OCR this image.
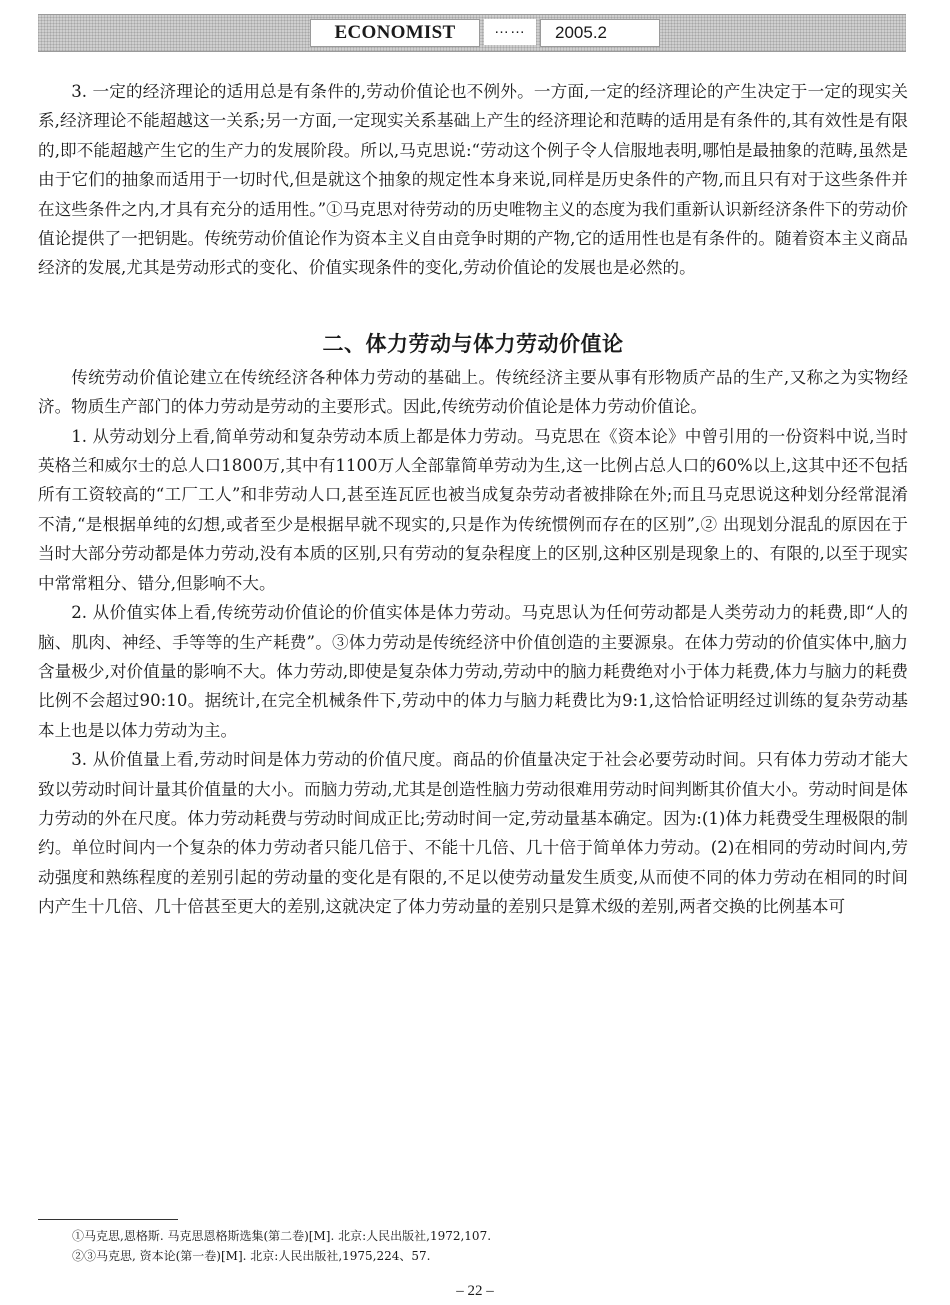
ECONOMIST	……	2005.2

3. 一定的经济理论的适用总是有条件的,劳动价值论也不例外。一方面,一定的经济理论的产生决定于一定的现实关系,经济理论不能超越这一关系;另一方面,一定现实关系基础上产生的经济理论和范畴的适用是有条件的,其有效性是有限的,即不能超越产生它的生产力的发展阶段。所以,马克思说:“劳动这个例子令人信服地表明,哪怕是最抽象的范畴,虽然是由于它们的抽象而适用于一切时代,但是就这个抽象的规定性本身来说,同样是历史条件的产物,而且只有对于这些条件并在这些条件之内,才具有充分的适用性。”①马克思对待劳动的历史唯物主义的态度为我们重新认识新经济条件下的劳动价值论提供了一把钥匙。传统劳动价值论作为资本主义自由竞争时期的产物,它的适用性也是有条件的。随着资本主义商品经济的发展,尤其是劳动形式的变化、价值实现条件的变化,劳动价值论的发展也是必然的。

二、体力劳动与体力劳动价值论

传统劳动价值论建立在传统经济各种体力劳动的基础上。传统经济主要从事有形物质产品的生产,又称之为实物经济。物质生产部门的体力劳动是劳动的主要形式。因此,传统劳动价值论是体力劳动价值论。

1. 从劳动划分上看,简单劳动和复杂劳动本质上都是体力劳动。马克思在《资本论》中曾引用的一份资料中说,当时英格兰和威尔士的总人口1800万,其中有1100万人全部靠简单劳动为生,这一比例占总人口的60%以上,这其中还不包括所有工资较高的“工厂工人”和非劳动人口,甚至连瓦匠也被当成复杂劳动者被排除在外;而且马克思说这种划分经常混淆不清,“是根据单纯的幻想,或者至少是根据早就不现实的,只是作为传统惯例而存在的区别”,② 出现划分混乱的原因在于当时大部分劳动都是体力劳动,没有本质的区别,只有劳动的复杂程度上的区别,这种区别是现象上的、有限的,以至于现实中常常粗分、错分,但影响不大。

2. 从价值实体上看,传统劳动价值论的价值实体是体力劳动。马克思认为任何劳动都是人类劳动力的耗费,即“人的脑、肌肉、神经、手等等的生产耗费”。③体力劳动是传统经济中价值创造的主要源泉。在体力劳动的价值实体中,脑力含量极少,对价值量的影响不大。体力劳动,即使是复杂体力劳动,劳动中的脑力耗费绝对小于体力耗费,体力与脑力的耗费比例不会超过90:10。据统计,在完全机械条件下,劳动中的体力与脑力耗费比为9:1,这恰恰证明经过训练的复杂劳动基本上也是以体力劳动为主。

3. 从价值量上看,劳动时间是体力劳动的价值尺度。商品的价值量决定于社会必要劳动时间。只有体力劳动才能大致以劳动时间计量其价值量的大小。而脑力劳动,尤其是创造性脑力劳动很难用劳动时间判断其价值大小。劳动时间是体力劳动的外在尺度。体力劳动耗费与劳动时间成正比;劳动时间一定,劳动量基本确定。因为:(1)体力耗费受生理极限的制约。单位时间内一个复杂的体力劳动者只能几倍于、不能十几倍、几十倍于简单体力劳动。(2)在相同的劳动时间内,劳动强度和熟练程度的差别引起的劳动量的变化是有限的,不足以使劳动量发生质变,从而使不同的体力劳动在相同的时间内产生十几倍、几十倍甚至更大的差别,这就决定了体力劳动量的差别只是算术级的差别,两者交换的比例基本可

①马克思,恩格斯. 马克思恩格斯选集(第二卷)[M]. 北京:人民出版社,1972,107.

②③马克思, 资本论(第一卷)[M]. 北京:人民出版社,1975,224、57.

– 22 –
